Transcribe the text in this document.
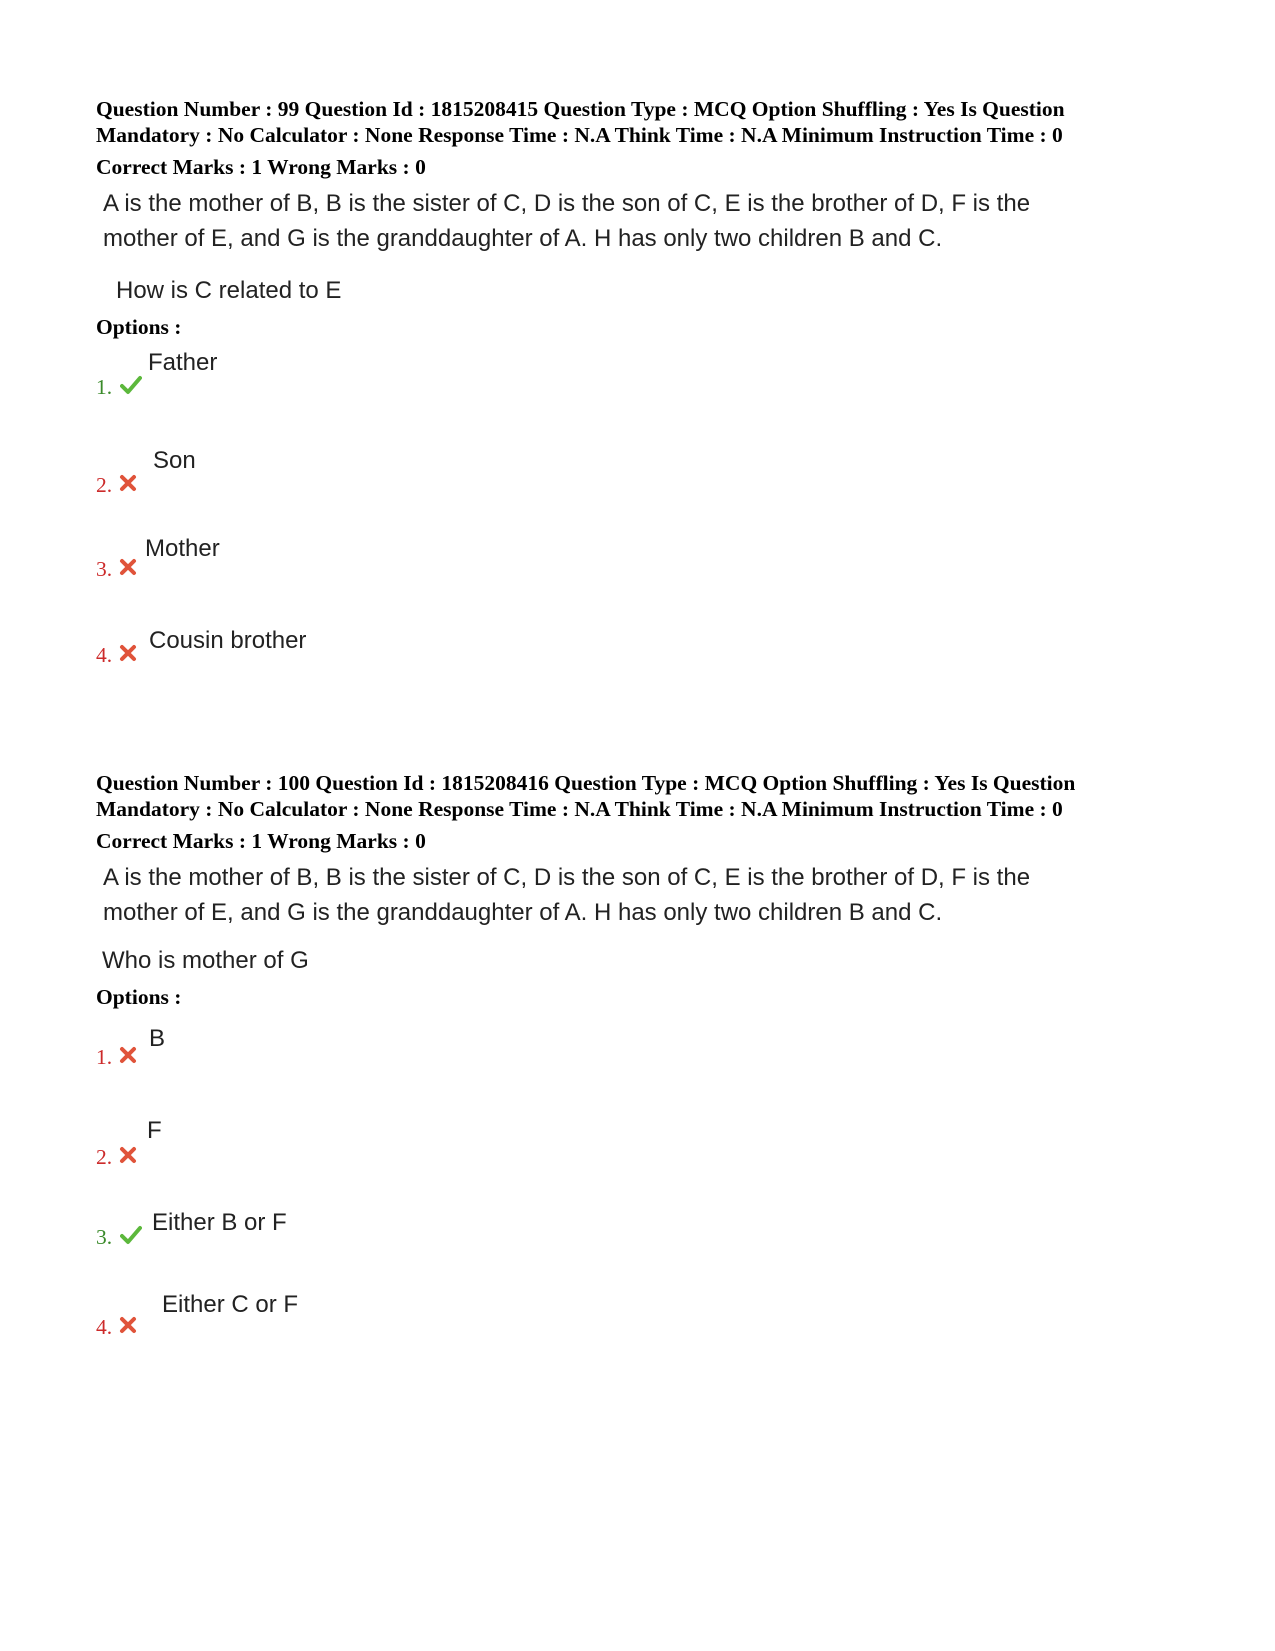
Question Number : 99 Question Id : 1815208415 Question Type : MCQ Option Shuffling : Yes Is Question
Mandatory : No Calculator : None Response Time : N.A Think Time : N.A Minimum Instruction Time : 0
Correct Marks : 1 Wrong Marks : 0
A is the mother of B, B is the sister of C, D is the son of C, E is the brother of D, F is the
mother of E, and G is the granddaughter of A. H has only two children B and C.
How is C related to E
Options :
1.
Father
2.
Son
3.
Mother
4.
Cousin brother
Question Number : 100 Question Id : 1815208416 Question Type : MCQ Option Shuffling : Yes Is Question
Mandatory : No Calculator : None Response Time : N.A Think Time : N.A Minimum Instruction Time : 0
Correct Marks : 1 Wrong Marks : 0
A is the mother of B, B is the sister of C, D is the son of C, E is the brother of D, F is the
mother of E, and G is the granddaughter of A. H has only two children B and C.
Who is mother of G
Options :
1.
B
2.
F
3.
Either B or F
4.
Either C or F
